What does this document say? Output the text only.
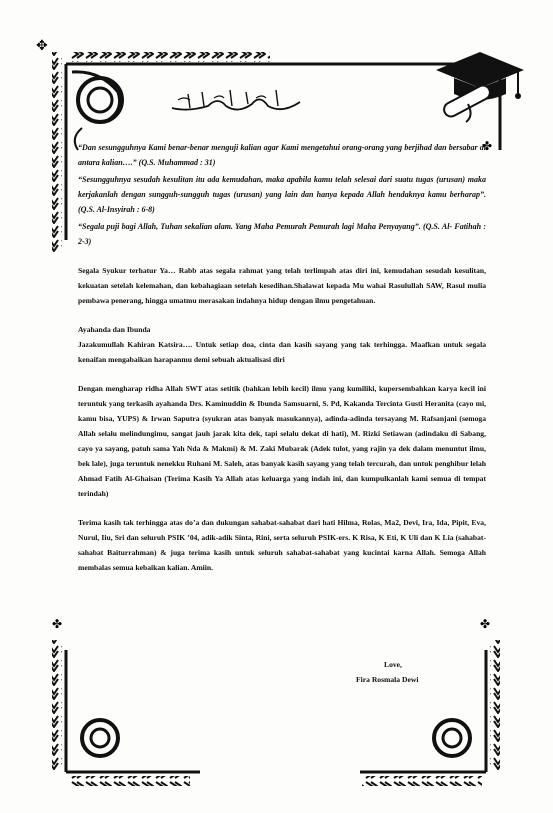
✥
✤
✤
✤

“Dan sesungguhnya Kami benar-benar menguji kalian agar Kami mengetahui orang-orang yang berjihad dan bersabar di antara kalian….” (Q.S. Muhammad : 31)

“Sesungguhnya sesudah kesulitan itu ada kemudahan, maka apabila kamu telah selesai dari suatu tugas (urusan) maka kerjakanlah dengan sungguh-sungguh tugas (urusan) yang lain dan hanya kepada Allah hendaknya kamu berharap”. (Q.S. Al-Insyirah : 6-8)

“Segala puji bagi Allah, Tuhan sekalian alam. Yang Maha Pemurah Pemurah lagi Maha Penyayang”. (Q.S. Al- Fatihah : 2-3)

Segala Syukur terhatur Ya… Rabb atas segala rahmat yang telah terlimpah atas diri ini, kemudahan sesudah kesulitan, kekuatan setelah kelemahan, dan kebahagiaan setelah kesedihan.Shalawat kepada Mu wahai Rasulullah SAW, Rasul mulia pembawa penerang, hingga umatmu merasakan indahnya hidup dengan ilmu pengetahuan.

Ayahanda dan Ibunda

Jazakumullah Kahiran Katsira…. Untuk setiap doa, cinta dan kasih sayang yang tak terhingga. Maafkan untuk segala kenaifan mengabaikan harapanmu demi sebuah aktualisasi diri

Dengan mengharap ridha Allah SWT atas setitik (bahkan lebih kecil) ilmu yang kumiliki, kupersembahkan karya kecil ini teruntuk yang terkasih ayahanda Drs. Kaminuddin & Ibunda Samsuarni, S. Pd, Kakanda Tercinta Gusti Heranita (cayo mi, kamu bisa, YUPS) & Irwan Saputra (syukran atas banyak masukannya), adinda-adinda tersayang M. Rafsanjani (semoga Allah selalu melindungimu, sangat jauh jarak kita dek, tapi selalu dekat di hati), M. Rizki Setiawan (adindaku di Sabang, cayo ya sayang, patuh sama Yah Nda & Makmi) & M. Zaki Mubarak (Adek tulot, yang rajin ya dek dalam menuntut ilmu, bek lale), juga teruntuk nenekku Ruhani M. Saleh, atas banyak kasih sayang yang telah tercurah, dan untuk penghibur lelah Ahmad Fatih Al-Ghaisan (Terima Kasih Ya Allah atas keluarga yang indah ini, dan kumpulkanlah kami semua di tempat terindah)

Terima kasih tak terhingga atas do’a dan dukungan sahabat-sahabat dari hati Hilma, Rolas, Ma2, Devi, Ira, Ida, Pipit, Eva, Nurul, Iiu, Sri dan seluruh PSIK ’04, adik-adik Sinta, Rini, serta seluruh PSIK-ers. K Risa, K Eti, K Uli dan K Lia (sahabat-sahabat Baiturrahman) & juga terima kasih untuk seluruh sahabat-sahabat yang kucintai karna Allah. Semoga Allah membalas semua kebaikan kalian. Amiin.

Love,
Fira Rosmala Dewi
